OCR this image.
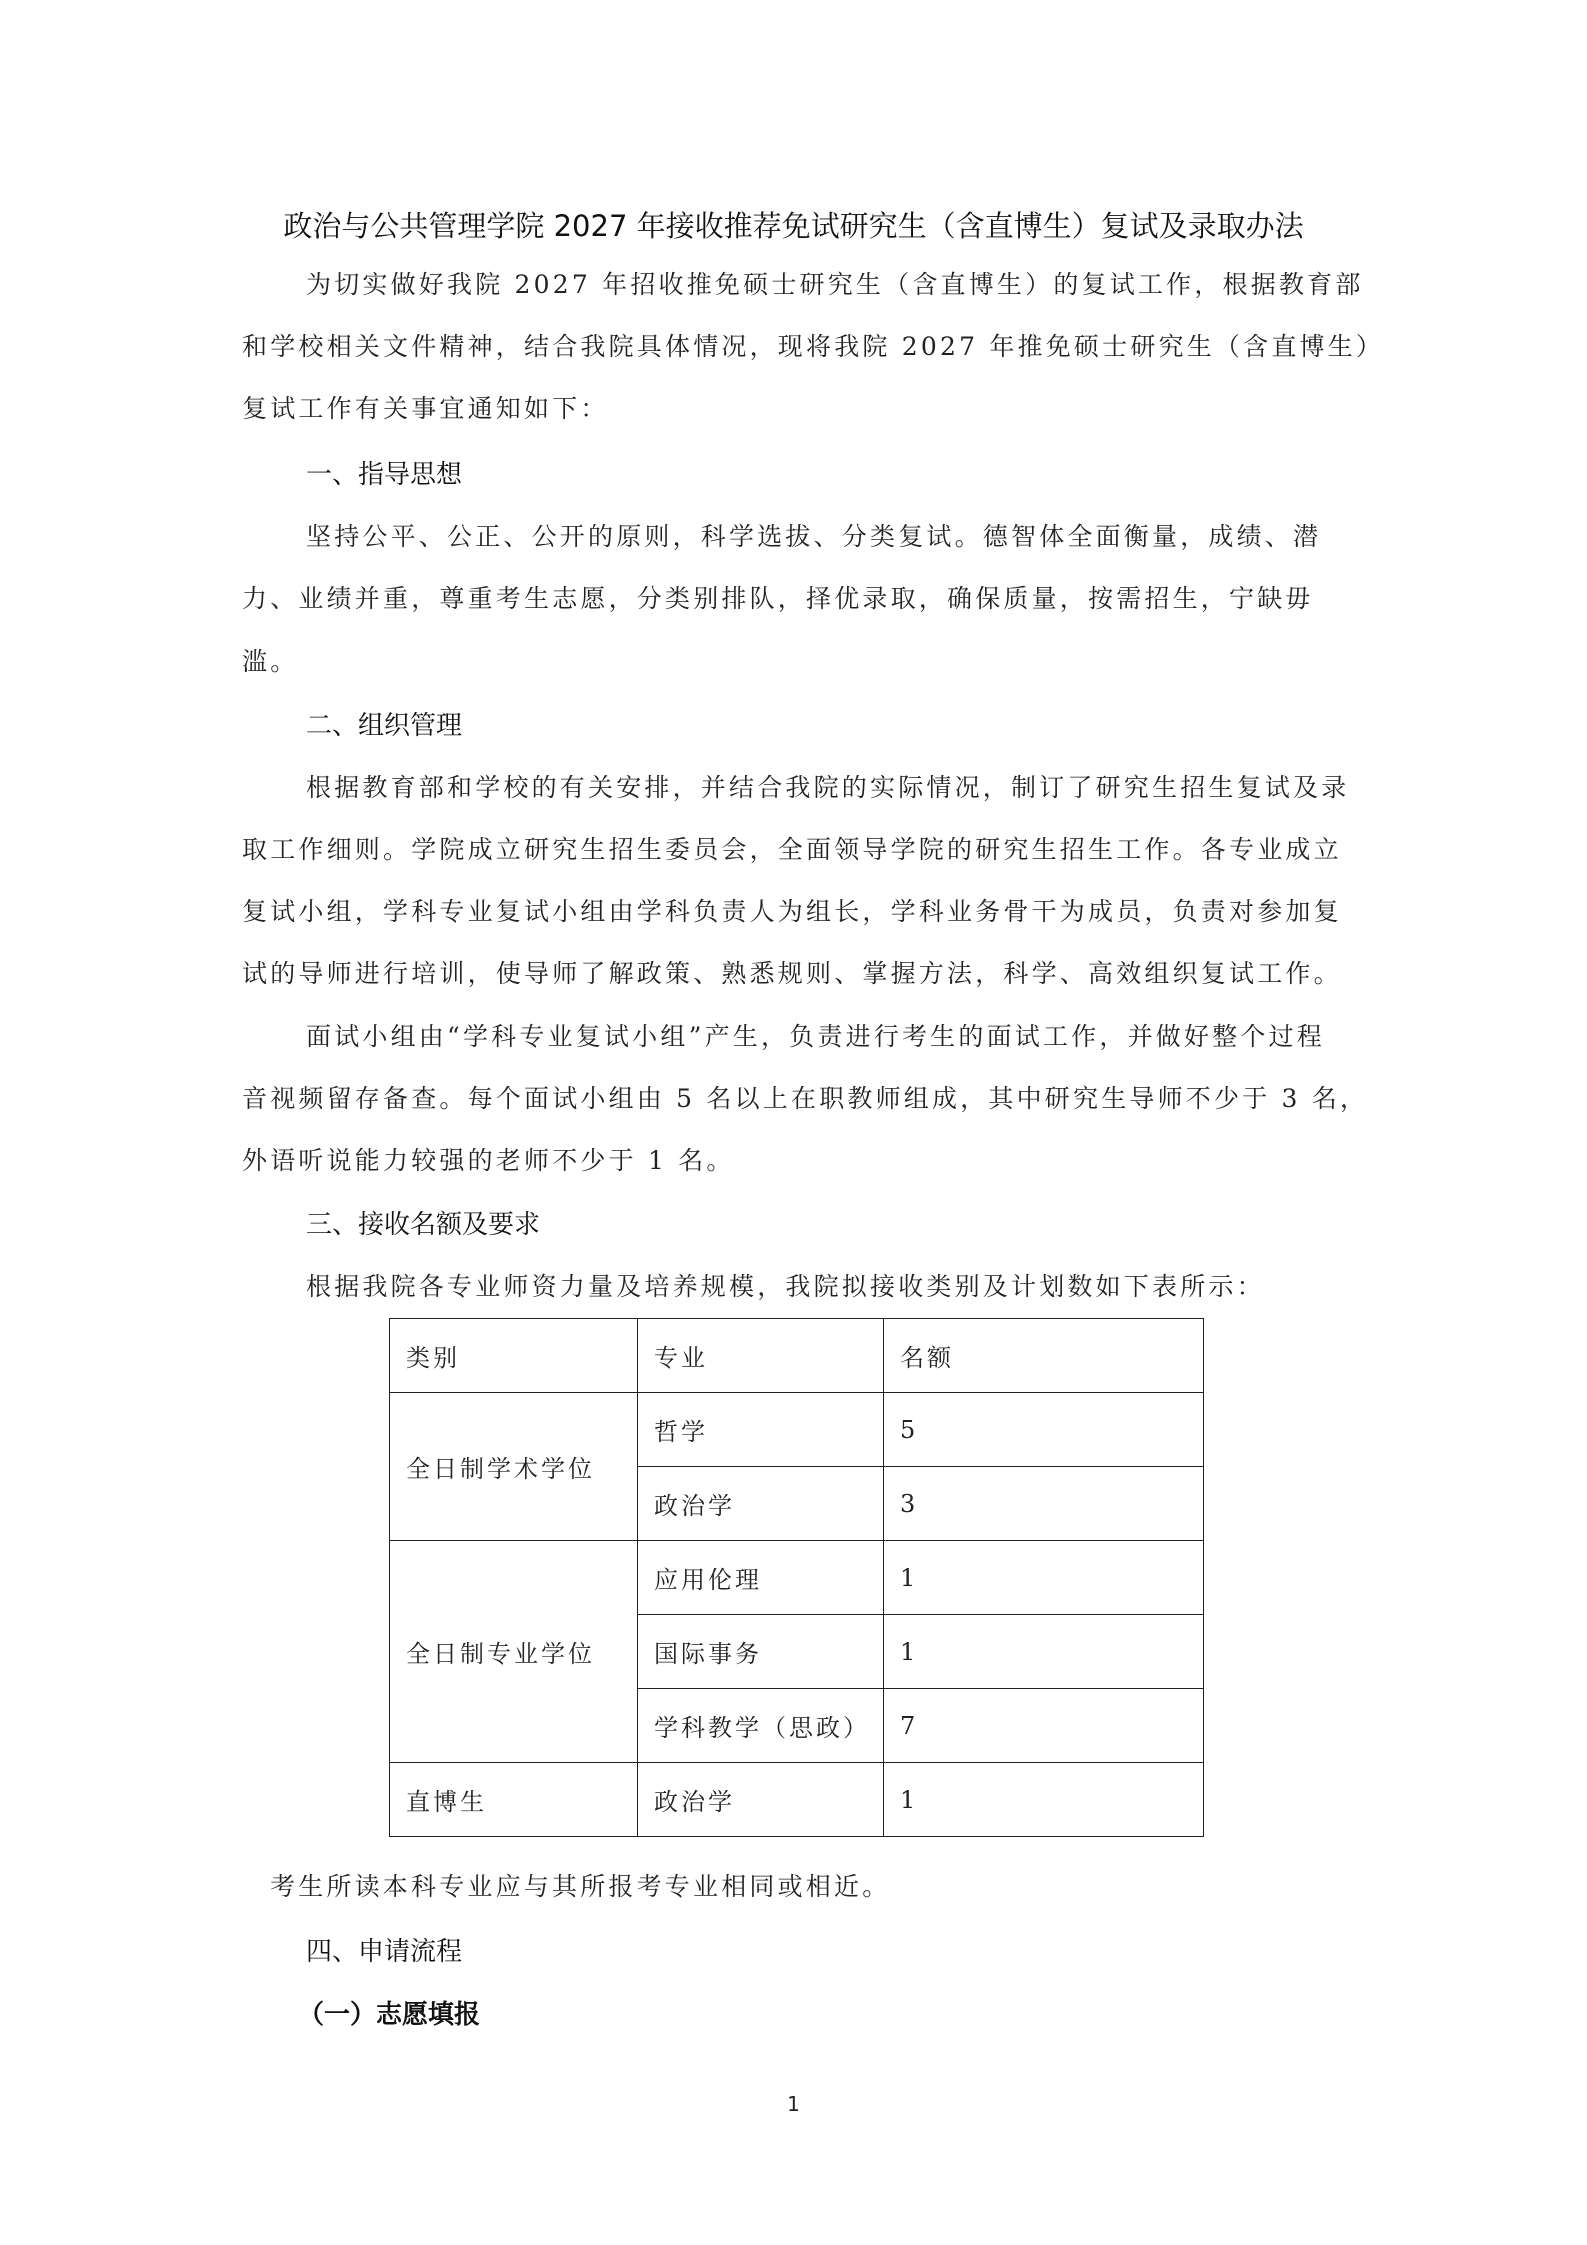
政治与公共管理学院 2027 年接收推荐免试研究生（含直博生）复试及录取办法
为切实做好我院 2027 年招收推免硕士研究生（含直博生）的复试工作，根据教育部
和学校相关文件精神，结合我院具体情况，现将我院 2027 年推免硕士研究生（含直博生）
复试工作有关事宜通知如下：
一、指导思想
坚持公平、公正、公开的原则，科学选拔、分类复试。德智体全面衡量，成绩、潜
力、业绩并重，尊重考生志愿，分类别排队，择优录取，确保质量，按需招生，宁缺毋
滥。
二、组织管理
根据教育部和学校的有关安排，并结合我院的实际情况，制订了研究生招生复试及录
取工作细则。学院成立研究生招生委员会，全面领导学院的研究生招生工作。各专业成立
复试小组，学科专业复试小组由学科负责人为组长，学科业务骨干为成员，负责对参加复
试的导师进行培训，使导师了解政策、熟悉规则、掌握方法，科学、高效组织复试工作。
面试小组由“学科专业复试小组”产生，负责进行考生的面试工作，并做好整个过程
音视频留存备查。每个面试小组由 5 名以上在职教师组成，其中研究生导师不少于 3 名，
外语听说能力较强的老师不少于 1 名。
三、接收名额及要求
根据我院各专业师资力量及培养规模，我院拟接收类别及计划数如下表所示：
类别	专业	名额
全日制学术学位	哲学	5
	政治学	3
全日制专业学位	应用伦理	1
	国际事务	1
	学科教学（思政）	7
直博生	政治学	1
考生所读本科专业应与其所报考专业相同或相近。
四、申请流程
（一）志愿填报
1
